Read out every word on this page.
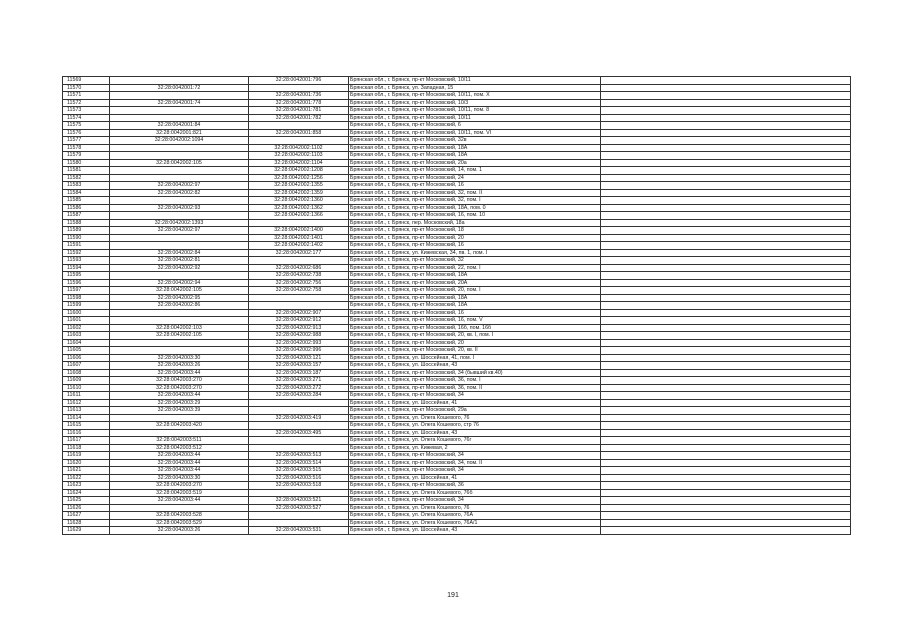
11569		32:28:0042001:796	Брянская обл., г. Брянск, пр-кт Московский, 10/11	
11570	32:28:0042001:72		Брянская обл., г. Брянск, ул. Западная, 15	
11571		32:28:0042001:736	Брянская обл., г. Брянск, пр-кт Московский, 10/11, пом. X	
11572	32:28:0042001:74	32:28:0042001:778	Брянская обл., г. Брянск, пр-кт Московский, 10/3	
11573		32:28:0042001:781	Брянская обл., г. Брянск, пр-кт Московский, 10/11, пом. 8	
11574		32:28:0042001:782	Брянская обл., г. Брянск, пр-кт Московский, 10/11	
11575	32:28:0042001:84		Брянская обл., г. Брянск, пр-кт Московский, 6	
11576	32:28:0042001:821	32:28:0042001:858	Брянская обл., г. Брянск, пр-кт Московский, 10/11, пом. VI	
11577	32:28:0042002:1094		Брянская обл., г. Брянск, пр-кт Московский, 32в	
11578		32:28:0042002:1102	Брянская обл., г. Брянск, пр-кт Московский, 18А	
11579		32:28:0042002:1103	Брянская обл., г. Брянск, пр-кт Московский, 18А	
11580	32:28:0042002:105	32:28:0042002:1104	Брянская обл., г. Брянск, пр-кт Московский, 20а	
11581		32:28:0042002:1208	Брянская обл., г. Брянск, пр-кт Московский, 14, пом. 1	
11582		32:28:0042002:1256	Брянская обл., г. Брянск, пр-кт Московский, 24	
11583	32:28:0042002:97	32:28:0042002:1355	Брянская обл., г. Брянск, пр-кт Московский, 16	
11584	32:28:0042002:82	32:28:0042002:1359	Брянская обл., г. Брянск, пр-кт Московский, 32, пом. II	
11585		32:28:0042002:1360	Брянская обл., г. Брянск, пр-кт Московский, 32, пом. I	
11586	32:28:0042002:93	32:28:0042002:1362	Брянская обл., г. Брянск, пр-кт Московский, 18А, пом. 0	
11587		32:28:0042002:1366	Брянская обл., г. Брянск, пр-кт Московский, 16, пом. 10	
11588	32:28:0042002:1393		Брянская обл., г. Брянск, пер. Московский, 18а	
11589	32:28:0042002:97	32:28:0042002:1400	Брянская обл., г. Брянск, пр-кт Московский, 18	
11590		32:28:0042002:1401	Брянская обл., г. Брянск, пр-кт Московский, 20	
11591		32:28:0042002:1402	Брянская обл., г. Брянск, пр-кт Московский, 16	
11592	32:28:0042002:84	32:28:0042002:177	Брянская обл., г. Брянск, ул. Кижевская, 34, пв. 1, пом. I	
11593	32:28:0042002:81		Брянская обл., г. Брянск, пр-кт Московский, 32	
11594	32:28:0042002:92	32:28:0042002:686	Брянская обл., г. Брянск, пр-кт Московский, 22, пом. I	
11595		32:28:0042002:738	Брянская обл., г. Брянск, пр-кт Московский, 18А	
11596	32:28:0042002:94	32:28:0042002:756	Брянская обл., г. Брянск, пр-кт Московский, 20А	
11597	32:28:0042002:105	32:28:0042002:758	Брянская обл., г. Брянск, пр-кт Московский, 20, пом. I	
11598	32:28:0042002:95		Брянская обл., г. Брянск, пр-кт Московский, 18А	
11599	32:28:0042002:86		Брянская обл., г. Брянск, пр-кт Московский, 18А	
11600		32:28:0042002:907	Брянская обл., г. Брянск, пр-кт Московский, 16	
11601		32:28:0042002:912	Брянская обл., г. Брянск, пр-кт Московский, 16, пом. V	
11602	32:28:0042002:103	32:28:0042002:913	Брянская обл., г. Брянск, пр-кт Московский, 16б, пом. 16б	
11603	32:28:0042002:105	32:28:0042002:988	Брянская обл., г. Брянск, пр-кт Московский, 20, кв. I, пом. I	
11604		32:28:0042002:993	Брянская обл., г. Брянск, пр-кт Московский, 20	
11605		32:28:0042002:996	Брянская обл., г. Брянск, пр-кт Московский, 20, кв. II	
11606	32:28:0042003:30	32:28:0042003:121	Брянская обл., г. Брянск, ул. Шоссейная, 41, пом. I	
11607	32:28:0042003:26	32:28:0042003:157	Брянская обл., г. Брянск, ул. Шоссейная, 43	
11608	32:28:0042003:44	32:28:0042003:187	Брянская обл., г. Брянск, пр-кт Московский, 34 (бывший кв.40)	
11609	32:28:0042003:270	32:28:0042003:271	Брянская обл., г. Брянск, пр-кт Московский, 36, пом. I	
11610	32:28:0042003:270	32:28:0042003:272	Брянская обл., г. Брянск, пр-кт Московский, 36, пом. II	
11611	32:28:0042003:44	32:28:0042003:284	Брянская обл., г. Брянск, пр-кт Московский, 34	
11612	32:28:0042003:29		Брянская обл., г. Брянск, ул. Шоссейная, 41	
11613	32:28:0042003:39		Брянская обл., г. Брянск, пр-кт Московский, 29а	
11614		32:28:0042003:419	Брянская обл., г. Брянск, ул. Олега Кошевого, 76	
11615	32:28:0042003:420		Брянская обл., г. Брянск, ул. Олега Кошевого, стр 76	
11616		32:28:0042003:495	Брянская обл., г. Брянск, ул. Шоссейная, 43	
11617	32:28:0042003:511		Брянская обл., г. Брянск, ул. Олега Кошевого, 76г	
11618	32:28:0042003:512		Брянская обл., г. Брянск, ул. Кижевая, 2	
11619	32:28:0042003:44	32:28:0042003:513	Брянская обл., г. Брянск, пр-кт Московский, 34	
11620	32:28:0042003:44	32:28:0042003:514	Брянская обл., г. Брянск, пр-кт Московский, 34, пом. II	
11621	32:28:0042003:44	32:28:0042003:515	Брянская обл., г. Брянск, пр-кт Московский, 34	
11622	32:28:0042003:30	32:28:0042003:516	Брянская обл., г. Брянск, ул. Шоссейная, 41	
11623	32:28:0042003:270	32:28:0042003:518	Брянская обл., г. Брянск, пр-кт Московский, 36	
11624	32:28:0042003:519		Брянская обл., г. Брянск, ул. Олега Кошевого, 76б	
11625	32:28:0042003:44	32:28:0042003:521	Брянская обл., г. Брянск, пр-кт Московский, 34	
11626		32:28:0042003:527	Брянская обл., г. Брянск, ул. Олега Кошевого, 76	
11627	32:28:0042003:528		Брянская обл., г. Брянск, ул. Олега Кошевого, 76А	
11628	32:28:0042003:529		Брянская обл., г. Брянск, ул. Олега Кошевого, 76А/1	
11629	32:28:0042003:26	32:28:0042003:531	Брянская обл., г. Брянск, ул. Шоссейная, 43	
191
